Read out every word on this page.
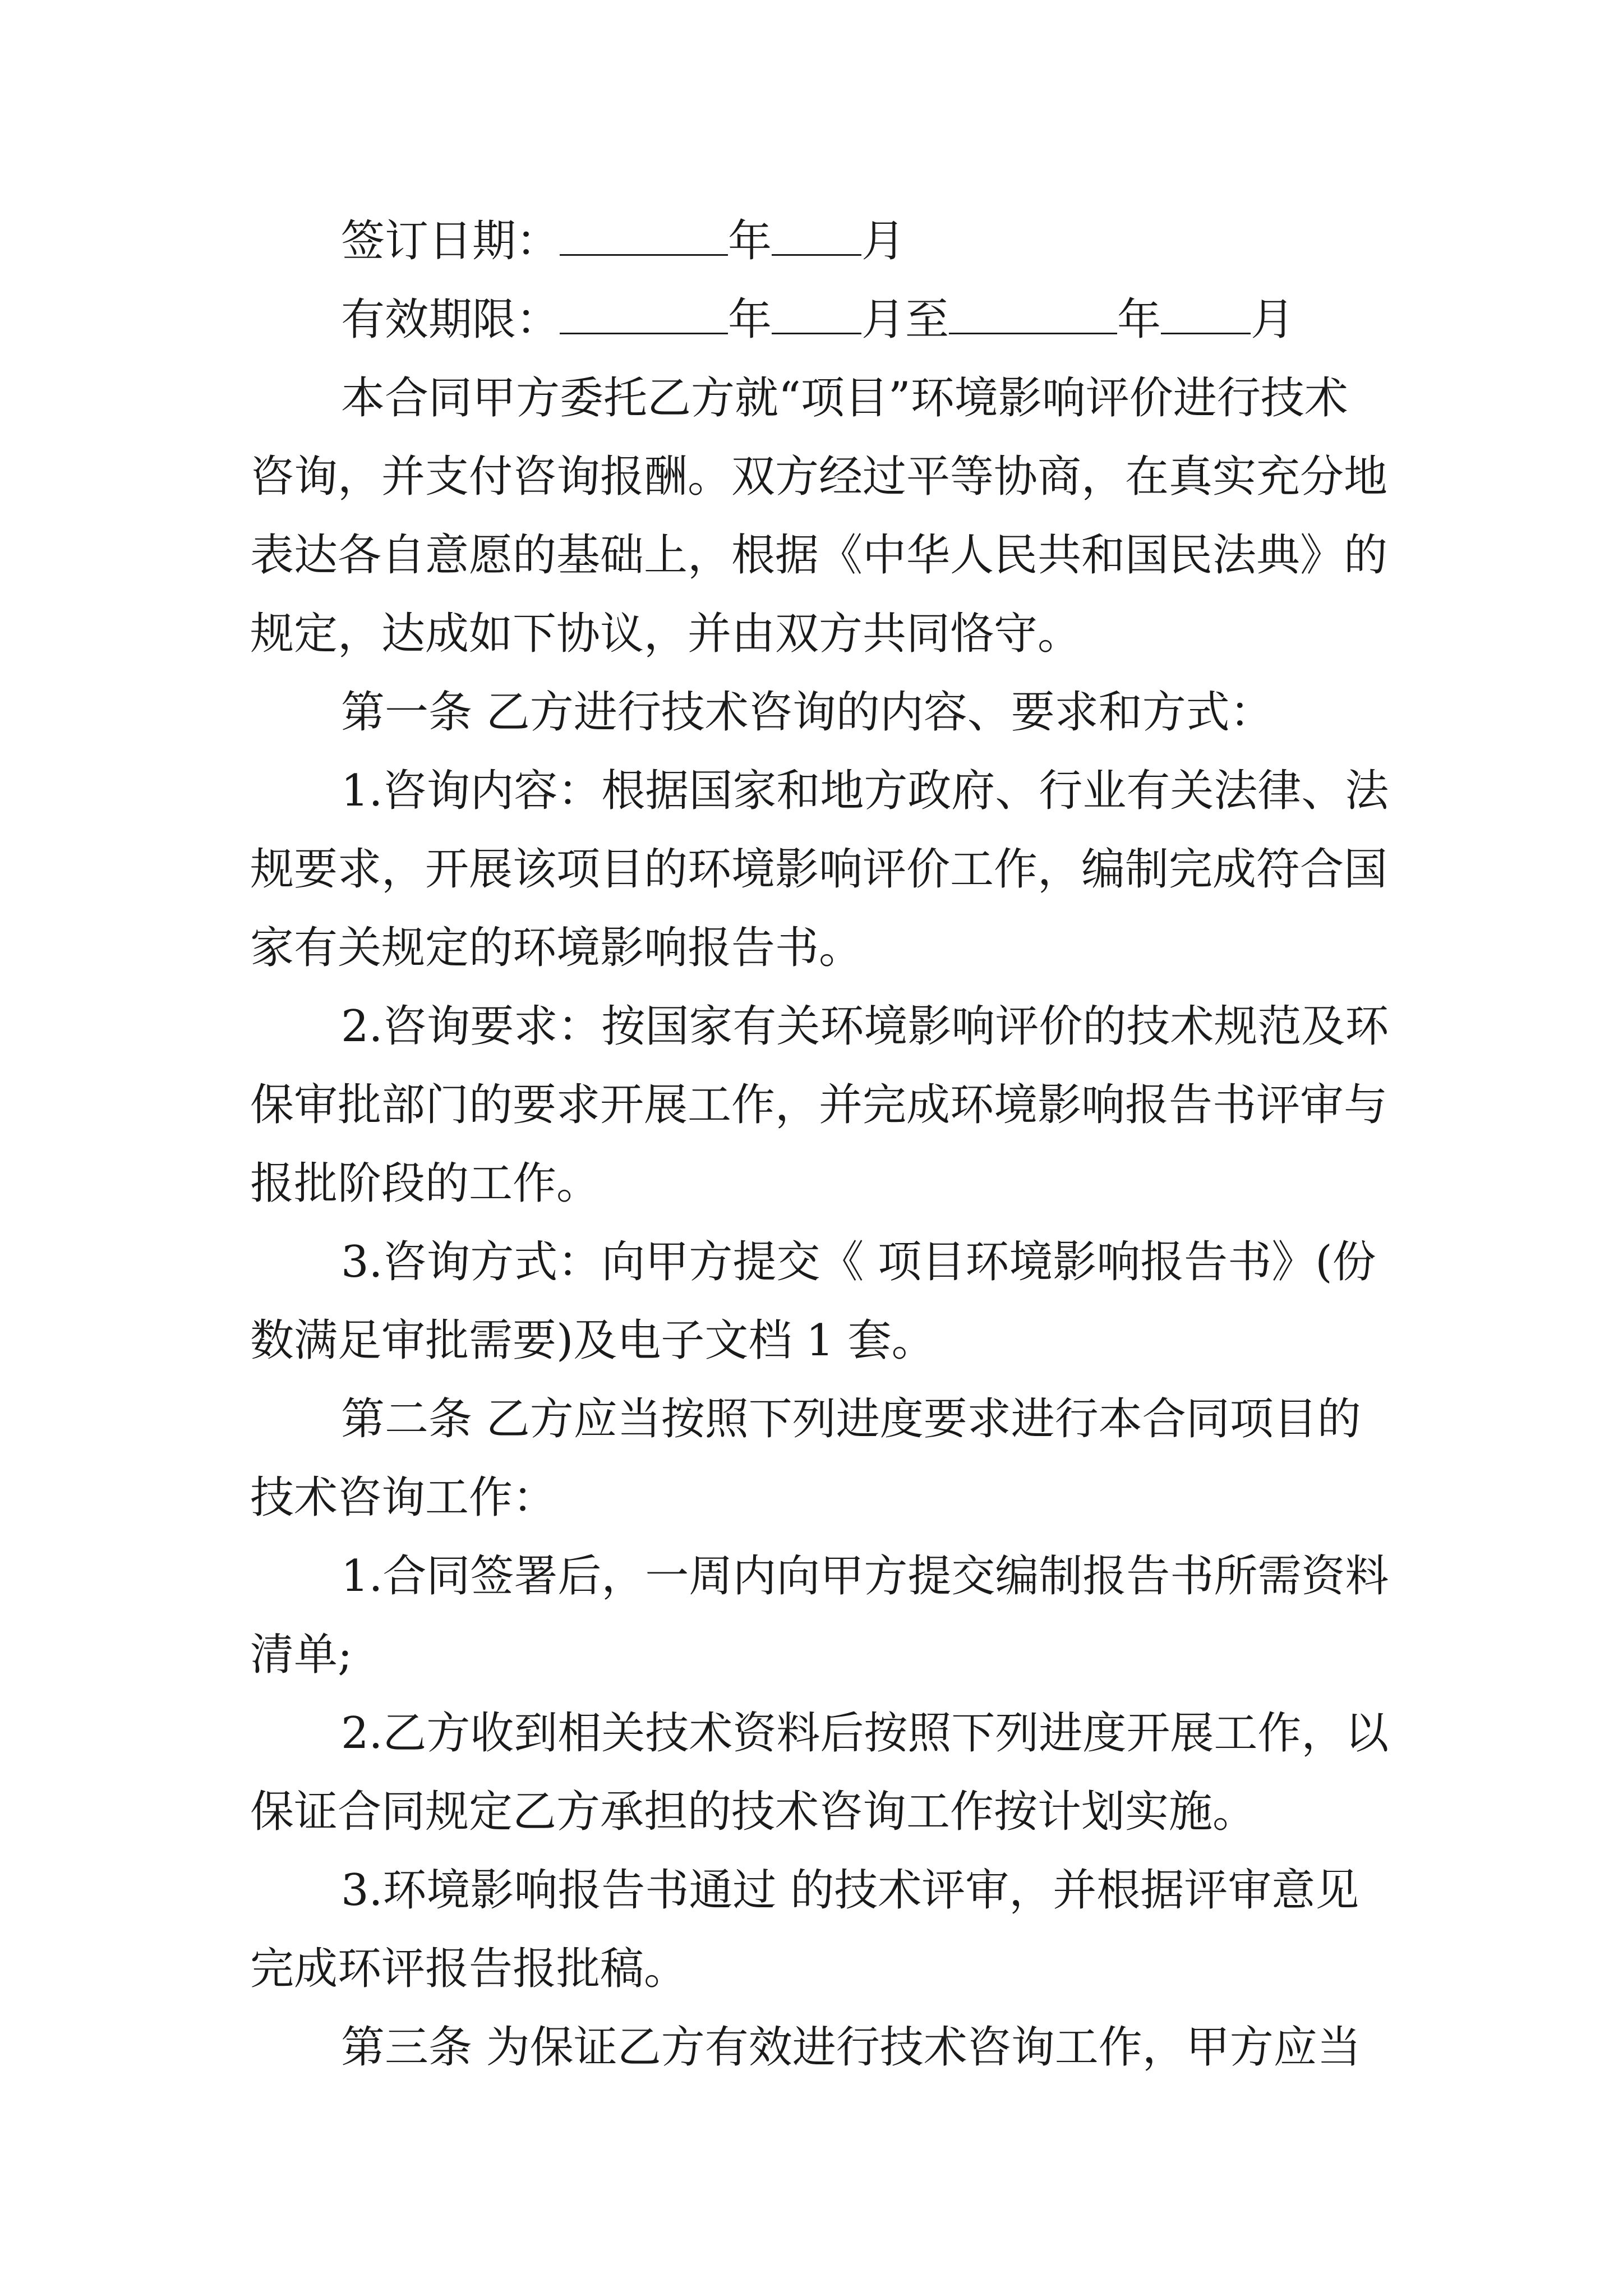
签订日期：	年 月
有效期限：	年 月至	年 月
本合同甲方委托乙方就“项目”环境影响评价进行技术
咨询，并支付咨询报酬。双方经过平等协商，在真实充分地
表达各自意愿的基础上，根据《中华人民共和国民法典》的
规定，达成如下协议，并由双方共同恪守。
第一条 乙方进行技术咨询的内容、要求和方式：
1.咨询内容：根据国家和地方政府、行业有关法律、法
规要求，开展该项目的环境影响评价工作，编制完成符合国
家有关规定的环境影响报告书。
2.咨询要求：按国家有关环境影响评价的技术规范及环
保审批部门的要求开展工作，并完成环境影响报告书评审与
报批阶段的工作。
3.咨询方式：向甲方提交《 项目环境影响报告书》(份
数满足审批需要)及电子文档 1 套。
第二条 乙方应当按照下列进度要求进行本合同项目的
技术咨询工作：
1.合同签署后，一周内向甲方提交编制报告书所需资料
清单;
2.乙方收到相关技术资料后按照下列进度开展工作，以
保证合同规定乙方承担的技术咨询工作按计划实施。
3.环境影响报告书通过 的技术评审，并根据评审意见
完成环评报告报批稿。
第三条 为保证乙方有效进行技术咨询工作，甲方应当
